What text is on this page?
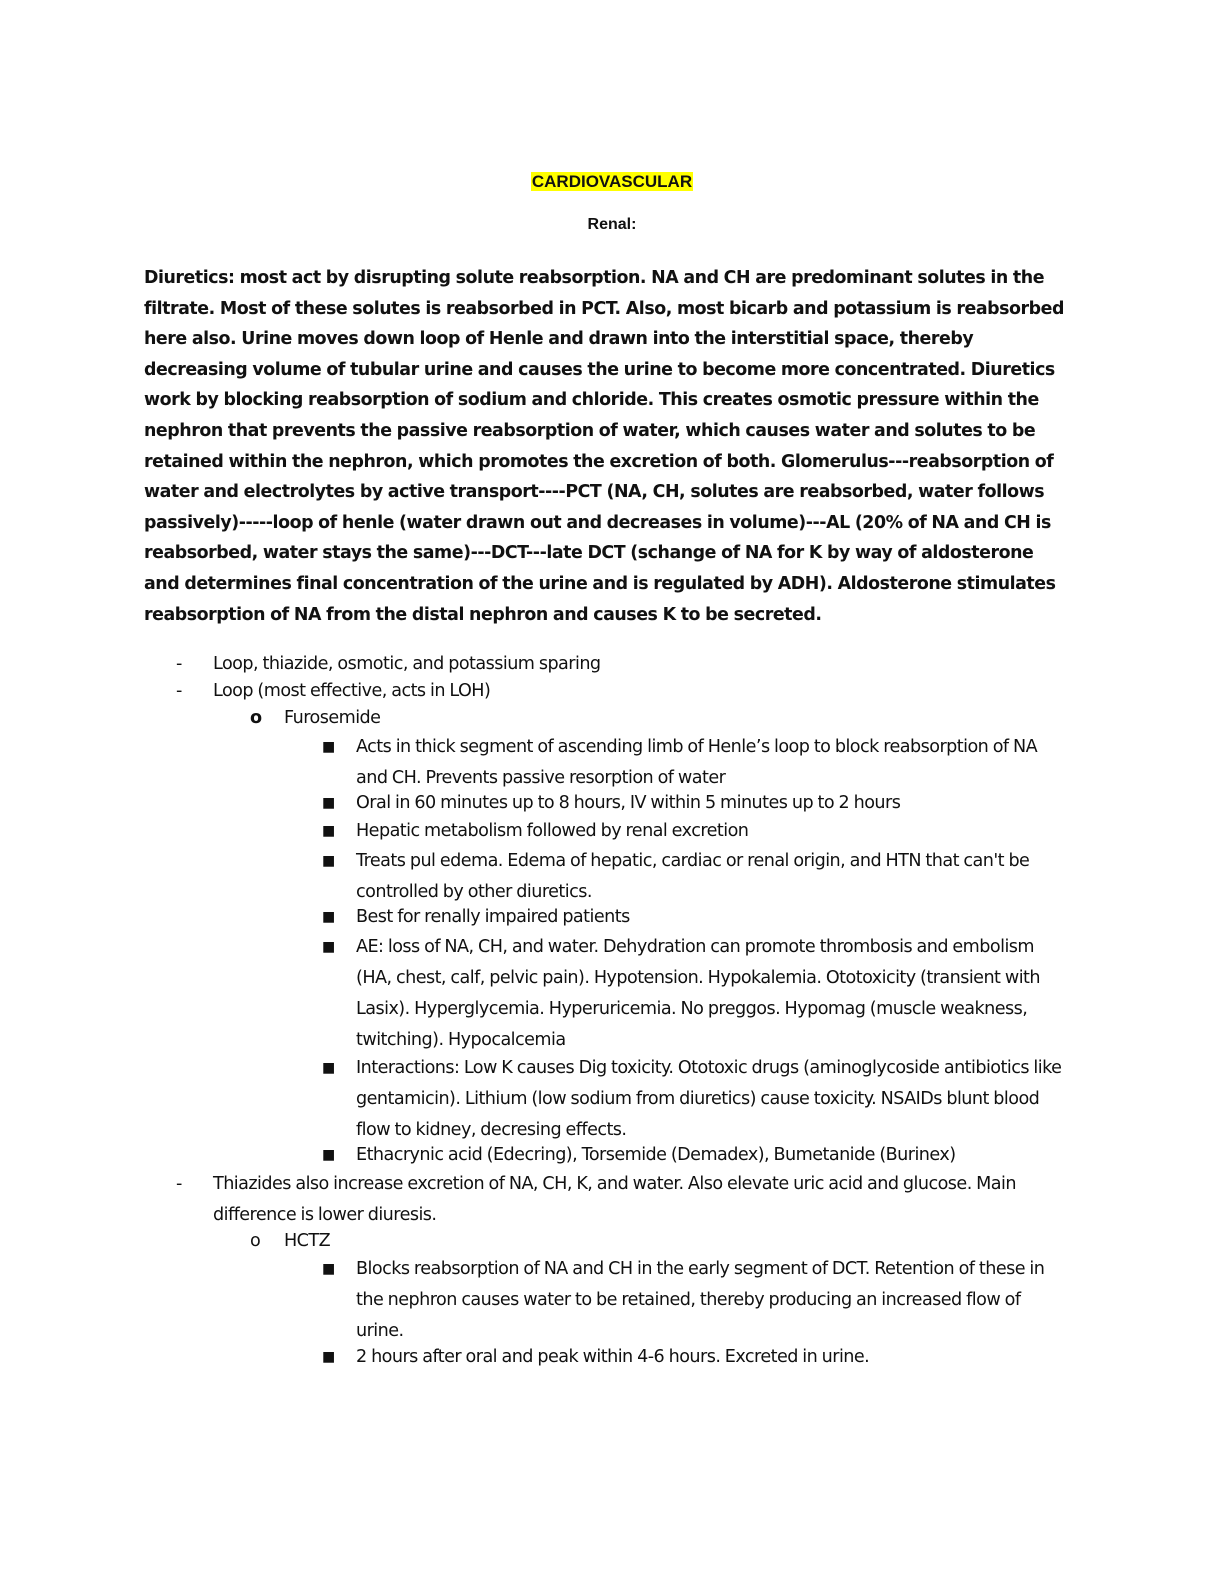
CARDIOVASCULAR
Renal:
Diuretics: most act by disrupting solute reabsorption. NA and CH are predominant solutes in the filtrate. Most of these solutes is reabsorbed in PCT. Also, most bicarb and potassium is reabsorbed here also. Urine moves down loop of Henle and drawn into the interstitial space, thereby decreasing volume of tubular urine and causes the urine to become more concentrated. Diuretics work by blocking reabsorption of sodium and chloride. This creates osmotic pressure within the nephron that prevents the passive reabsorption of water, which causes water and solutes to be retained within the nephron, which promotes the excretion of both. Glomerulus---reabsorption of water and electrolytes by active transport----PCT (NA, CH, solutes are reabsorbed, water follows passively)-----loop of henle (water drawn out and decreases in volume)---AL (20% of NA and CH is reabsorbed, water stays the same)---DCT---late DCT (schange of NA for K by way of aldosterone and determines final concentration of the urine and is regulated by ADH). Aldosterone stimulates reabsorption of NA from the distal nephron and causes K to be secreted.
- Loop, thiazide, osmotic, and potassium sparing
- Loop (most effective, acts in LOH)
o Furosemide
■ Acts in thick segment of ascending limb of Henle’s loop to block reabsorption of NA and CH. Prevents passive resorption of water
■ Oral in 60 minutes up to 8 hours, IV within 5 minutes up to 2 hours
■ Hepatic metabolism followed by renal excretion
■ Treats pul edema. Edema of hepatic, cardiac or renal origin, and HTN that can't be controlled by other diuretics.
■ Best for renally impaired patients
■ AE: loss of NA, CH, and water. Dehydration can promote thrombosis and embolism (HA, chest, calf, pelvic pain). Hypotension. Hypokalemia. Ototoxicity (transient with Lasix). Hyperglycemia. Hyperuricemia. No preggos. Hypomag (muscle weakness, twitching). Hypocalcemia
■ Interactions: Low K causes Dig toxicity. Ototoxic drugs (aminoglycoside antibiotics like gentamicin). Lithium (low sodium from diuretics) cause toxicity. NSAIDs blunt blood flow to kidney, decresing effects.
■ Ethacrynic acid (Edecring), Torsemide (Demadex), Bumetanide (Burinex)
- Thiazides also increase excretion of NA, CH, K, and water. Also elevate uric acid and glucose. Main difference is lower diuresis.
o HCTZ
■ Blocks reabsorption of NA and CH in the early segment of DCT. Retention of these in the nephron causes water to be retained, thereby producing an increased flow of urine.
■ 2 hours after oral and peak within 4-6 hours. Excreted in urine.
